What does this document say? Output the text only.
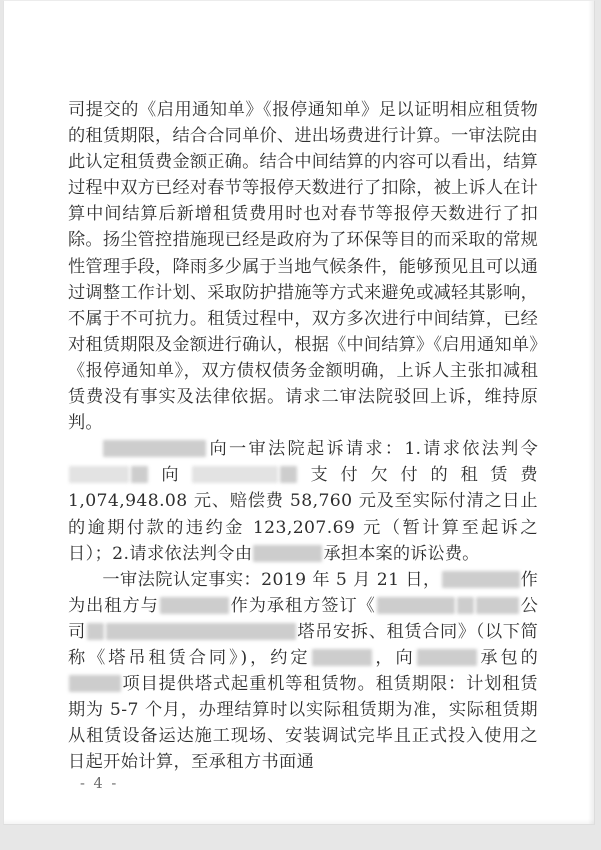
司提交的《启用通知单》《报停通知单》足以证明相应租赁物的租赁期限，结合合同单价、进出场费进行计算。一审法院由此认定租赁费金额正确。结合中间结算的内容可以看出，结算过程中双方已经对春节等报停天数进行了扣除，被上诉人在计算中间结算后新增租赁费用时也对春节等报停天数进行了扣除。扬尘管控措施现已经是政府为了环保等目的而采取的常规性管理手段，降雨多少属于当地气候条件，能够预见且可以通过调整工作计划、采取防护措施等方式来避免或减轻其影响，不属于不可抗力。租赁过程中，双方多次进行中间结算，已经对租赁期限及金额进行确认，根据《中间结算》《启用通知单》《报停通知单》，双方债权债务金额明确，上诉人主张扣减租赁费没有事实及法律依据。请求二审法院驳回上诉，维持原判。

向一审法院起诉请求：1.请求依法判令向	支付欠付的租赁费 1,074,948.08 元、赔偿费 58,760 元及至实际付清之日止的逾期付款的违约金 123,207.69 元（暂计算至起诉之日）；2.请求依法判令由	承担本案的诉讼费。

一审法院认定事实：2019 年 5 月 21 日，	作为出租方与	作为承租方签订《	公司	塔吊安拆、租赁合同》（以下简称《塔吊租赁合同》)，约定	，向	承包的项目提供塔式起重机等租赁物。租赁期限：计划租赁期为 5-7 个月，办理结算时以实际租赁期为准，实际租赁期从租赁设备运达施工现场、安装调试完毕且正式投入使用之日起开始计算，至承租方书面通

- 4 -
